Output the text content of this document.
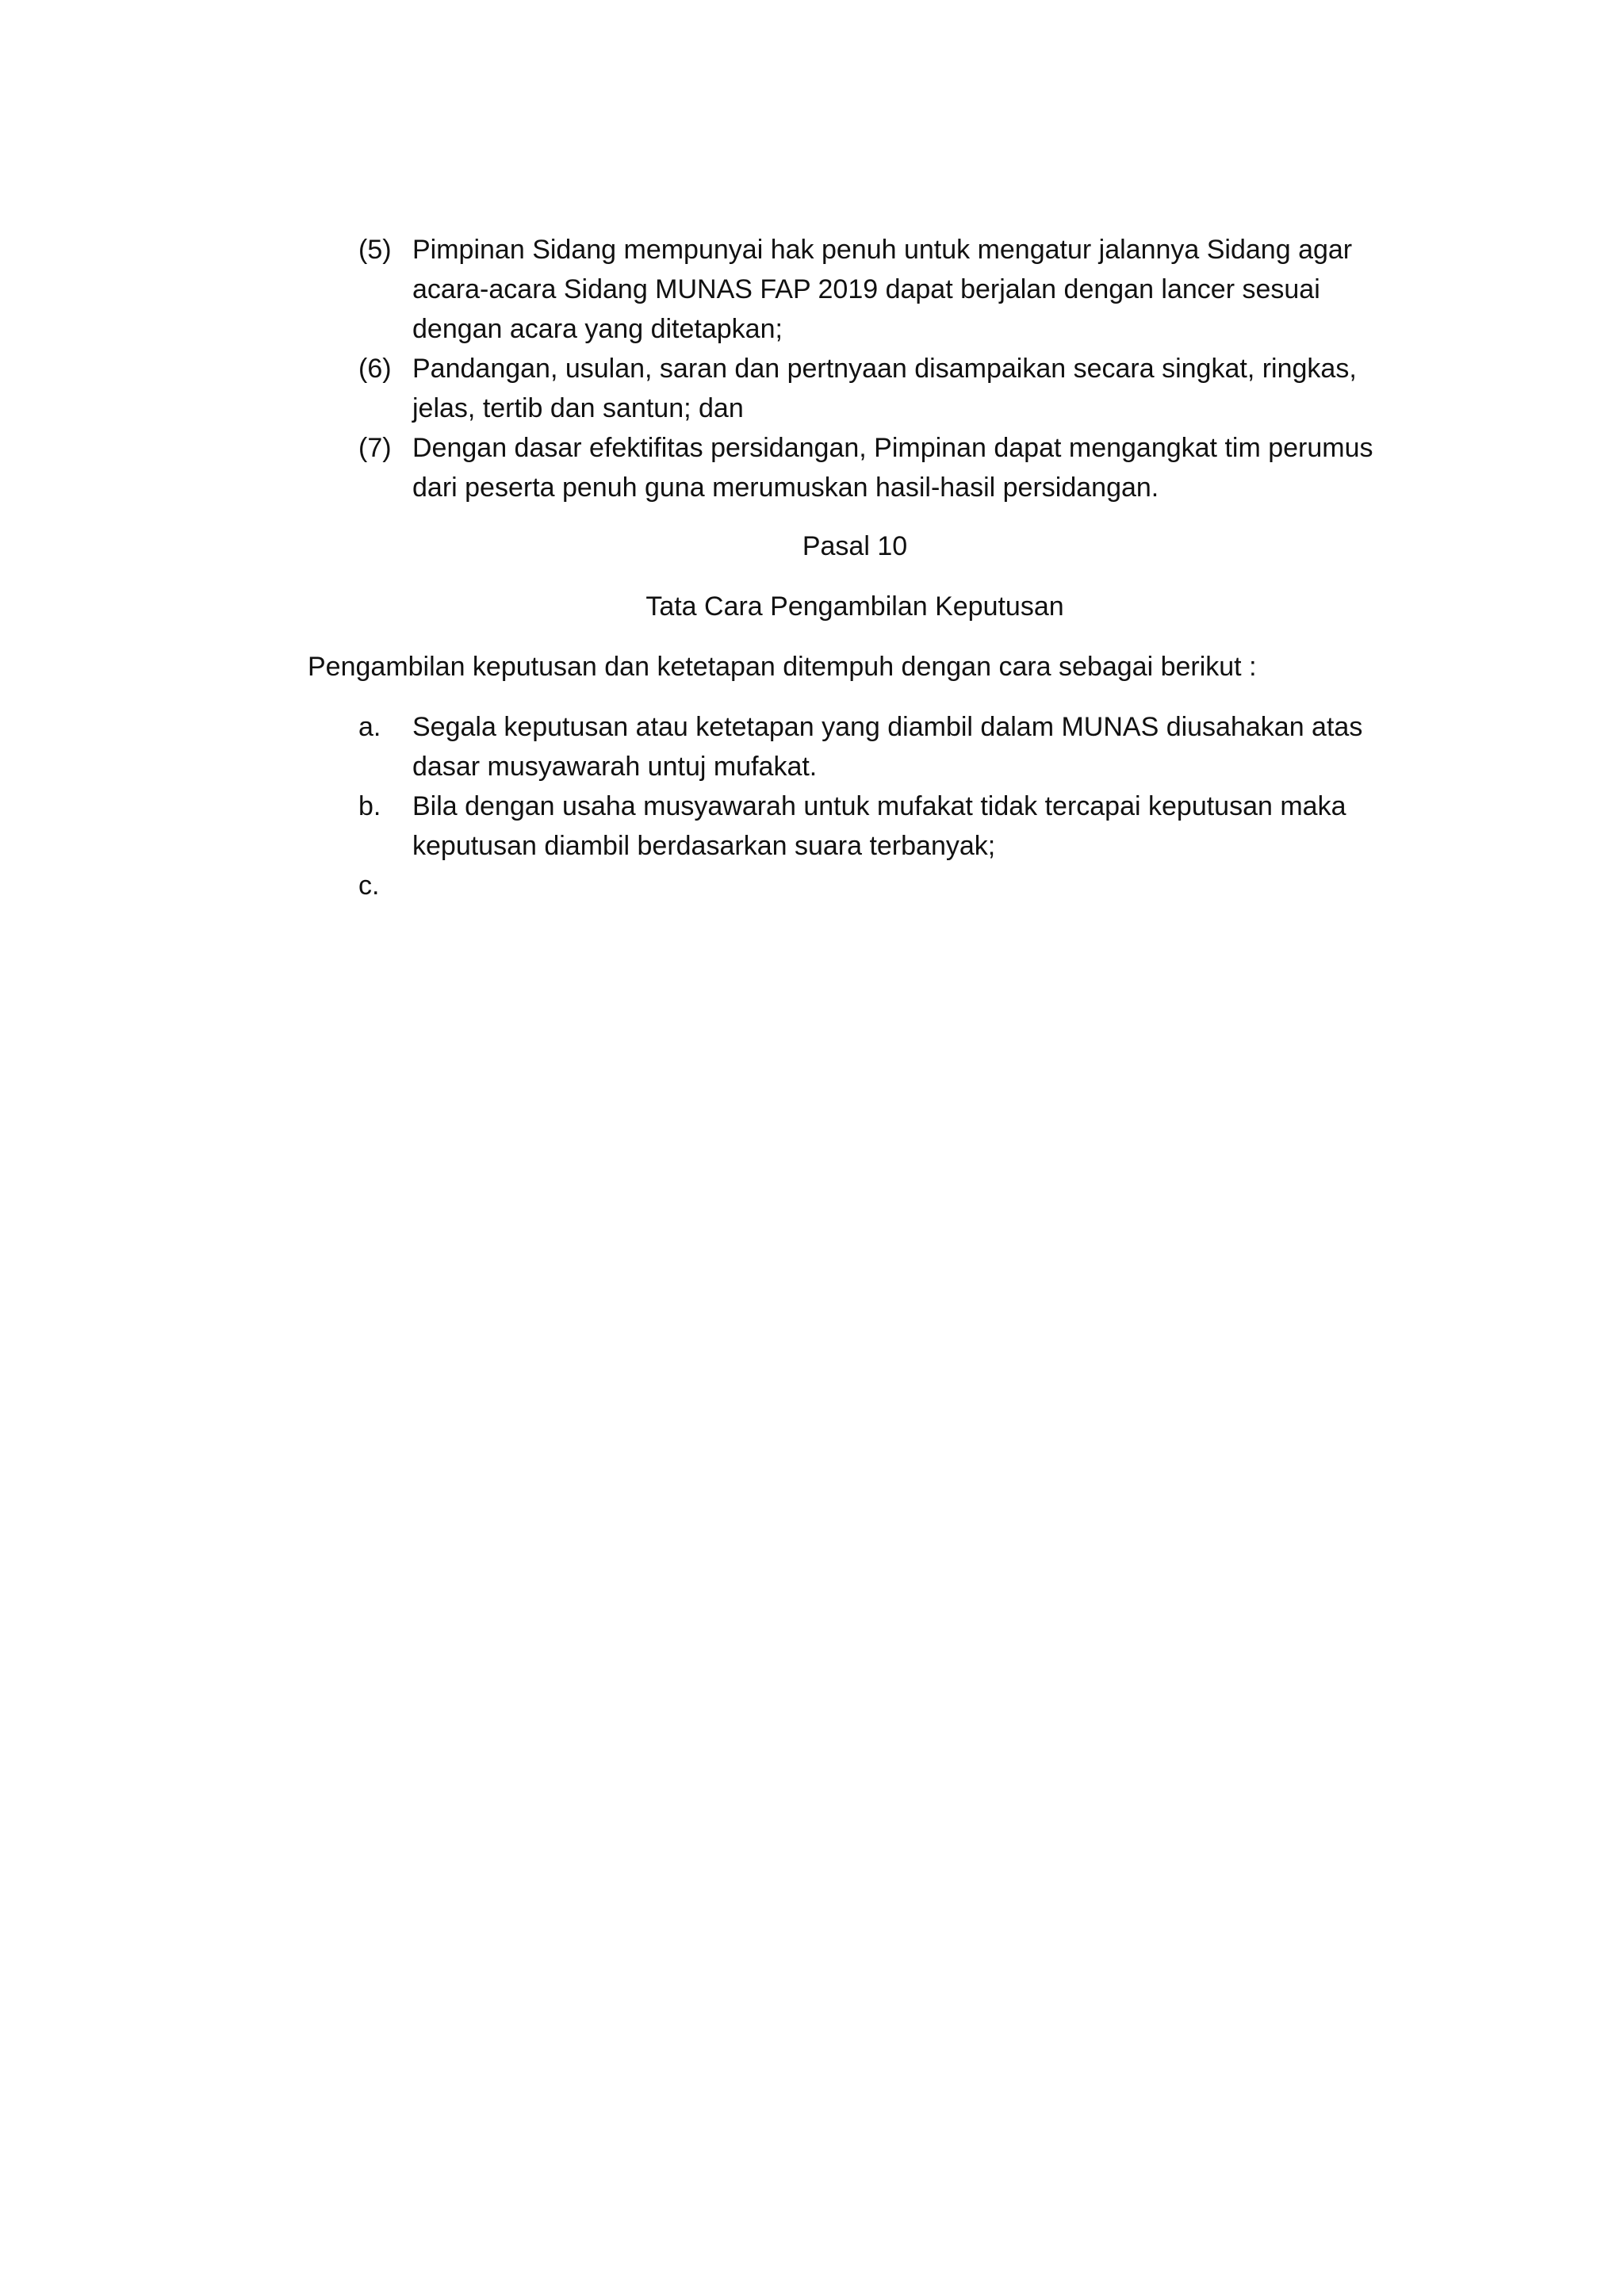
(5) Pimpinan Sidang mempunyai hak penuh untuk mengatur jalannya Sidang agar acara-acara Sidang MUNAS FAP 2019 dapat berjalan dengan lancer sesuai dengan acara yang ditetapkan;
(6) Pandangan, usulan, saran dan pertnyaan disampaikan secara singkat, ringkas, jelas, tertib dan santun; dan
(7) Dengan dasar efektifitas persidangan, Pimpinan dapat mengangkat tim perumus dari peserta penuh guna merumuskan hasil-hasil persidangan.

Pasal 10

Tata Cara Pengambilan Keputusan

Pengambilan keputusan dan ketetapan ditempuh dengan cara sebagai berikut :

a.	Segala keputusan atau ketetapan yang diambil dalam MUNAS diusahakan atas dasar musyawarah untuj mufakat.
b.	Bila dengan usaha musyawarah untuk mufakat tidak tercapai keputusan maka keputusan diambil berdasarkan suara terbanyak;
c.
